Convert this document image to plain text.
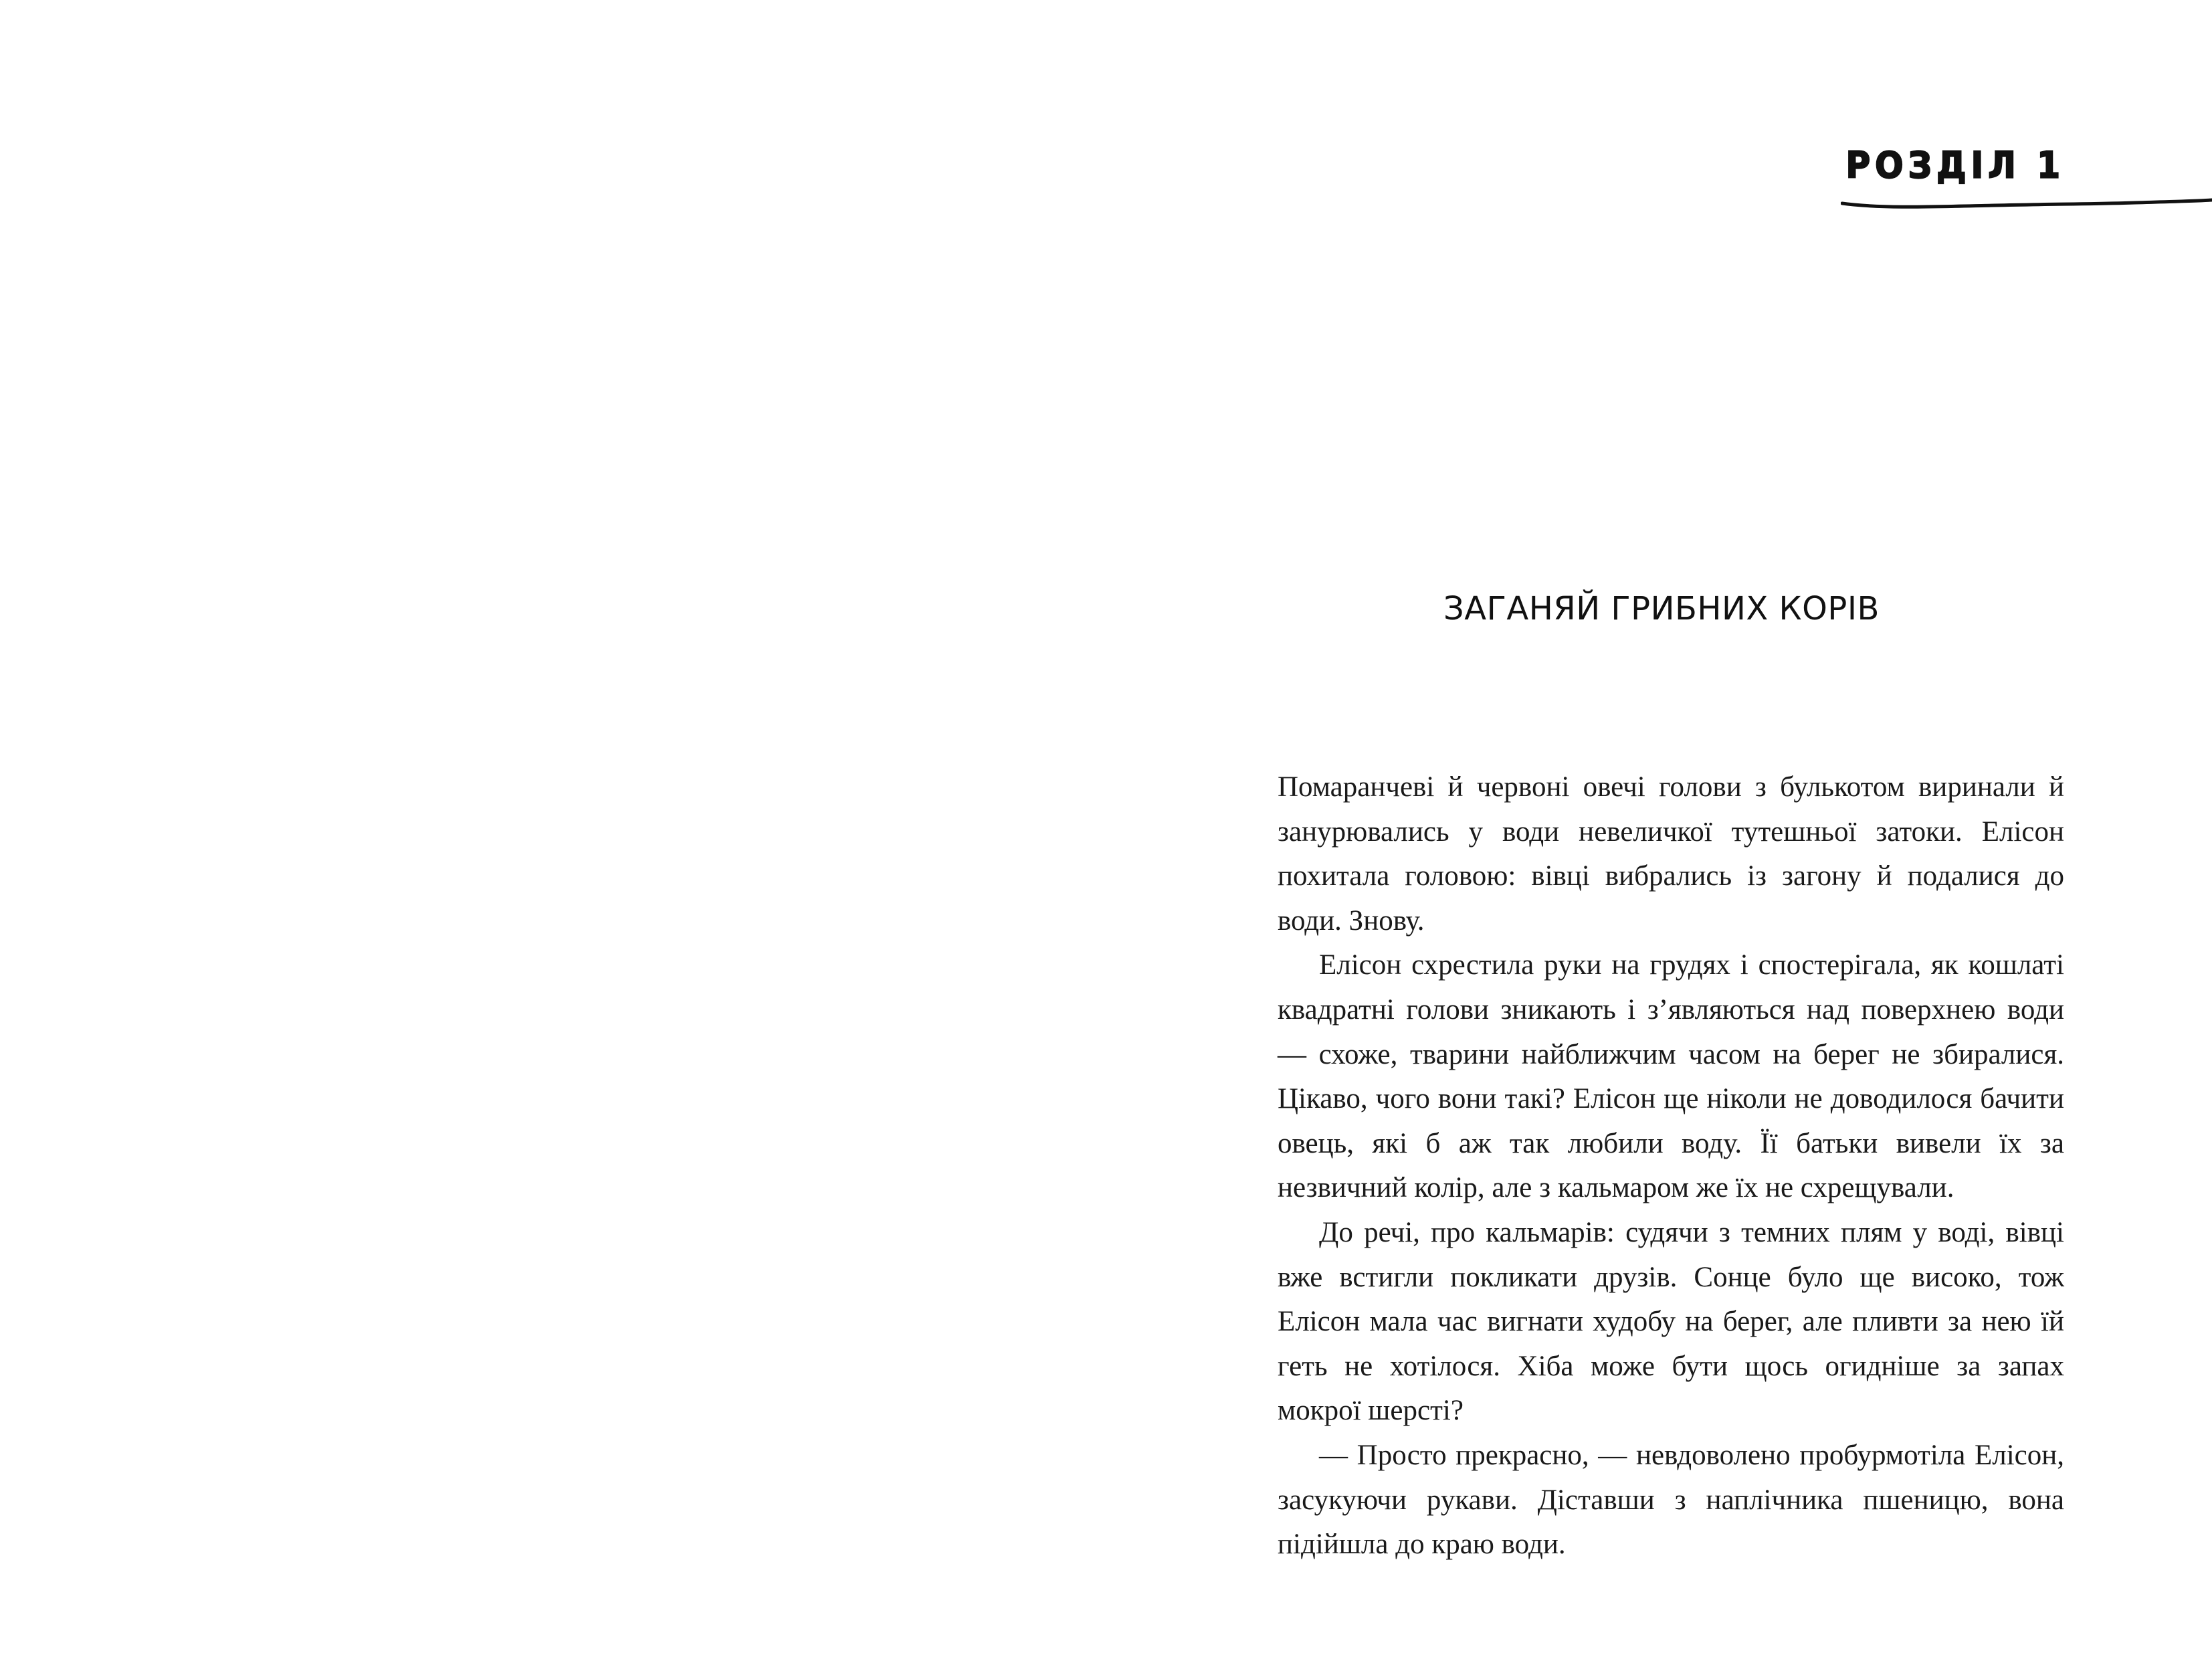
РОЗДІЛ 1
ЗАГАНЯЙ ГРИБНИХ КОРІВ

Помаранчеві й червоні овечі голови з булькотом виринали й занурювались у води невеличкої тутешньої затоки. Елісон похитала головою: вівці вибрались із загону й подалися до води. Знову.

Елісон схрестила руки на грудях і спостерігала, як кошлаті квадратні голови зникають і з’являються над поверхнею води — схоже, тварини найближчим часом на берег не збиралися. Цікаво, чого вони такі? Елісон ще ніколи не доводилося бачити овець, які б аж так любили воду. Її батьки вивели їх за незвичний колір, але з кальмаром же їх не схрещували.

До речі, про кальмарів: судячи з темних плям у воді, вівці вже встигли покликати друзів. Сонце було ще високо, тож Елісон мала час вигнати худобу на берег, але пливти за нею їй геть не хотілося. Хіба може бути щось огидніше за запах мокрої шерсті?

— Просто прекрасно, — невдоволено пробурмотіла Елісон, засукуючи рукави. Діставши з наплічника пшеницю, вона підійшла до краю води.
